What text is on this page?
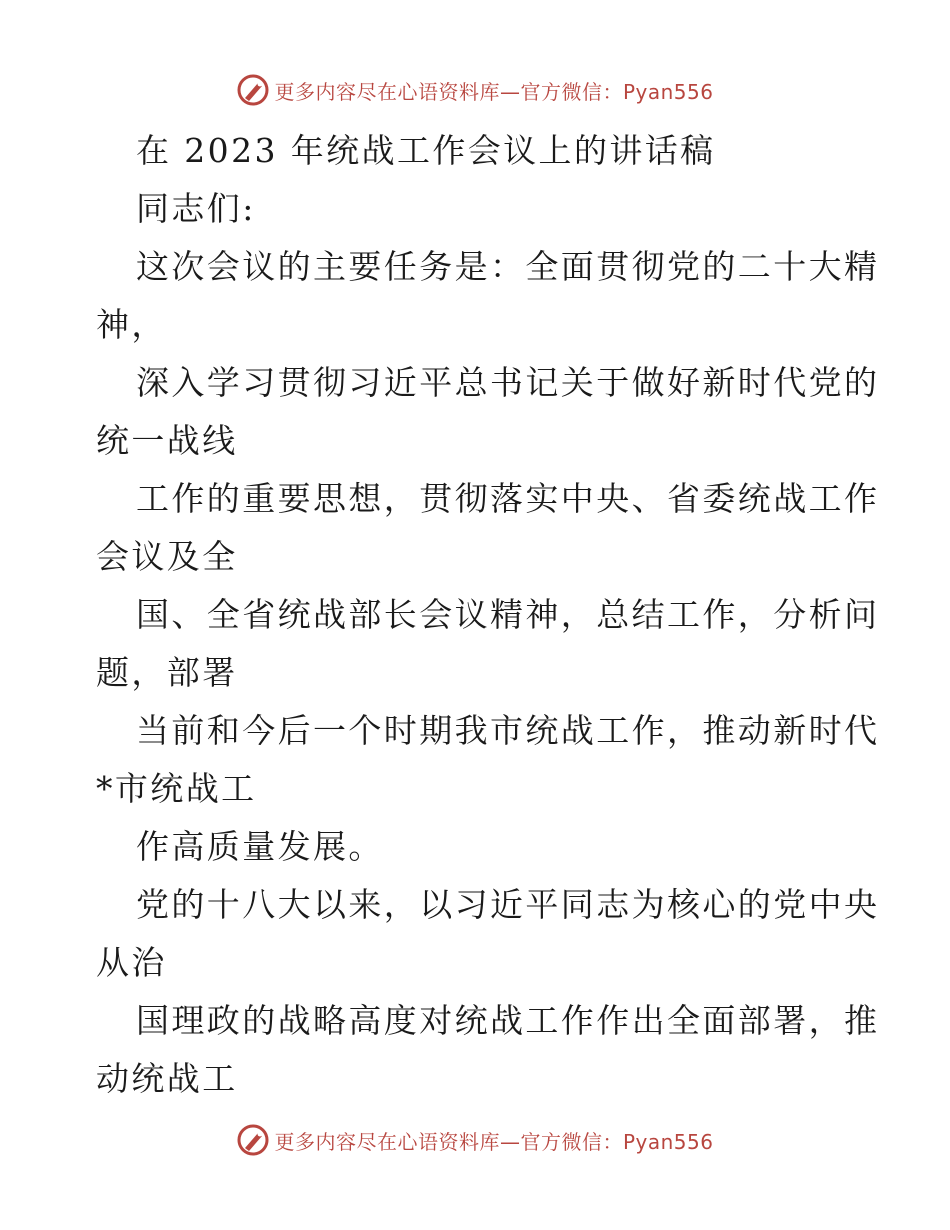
更多内容尽在心语资料库—官方微信：Pyan556
在 2023 年统战工作会议上的讲话稿
同志们:
这次会议的主要任务是：全面贯彻党的二十大精
神，
深入学习贯彻习近平总书记关于做好新时代党的
统一战线
工作的重要思想，贯彻落实中央、省委统战工作
会议及全
国、全省统战部长会议精神，总结工作，分析问
题，部署
当前和今后一个时期我市统战工作，推动新时代
*市统战工
作高质量发展。
党的十八大以来，以习近平同志为核心的党中央
从治
国理政的战略高度对统战工作作出全面部署，推
动统战工
更多内容尽在心语资料库—官方微信：Pyan556
